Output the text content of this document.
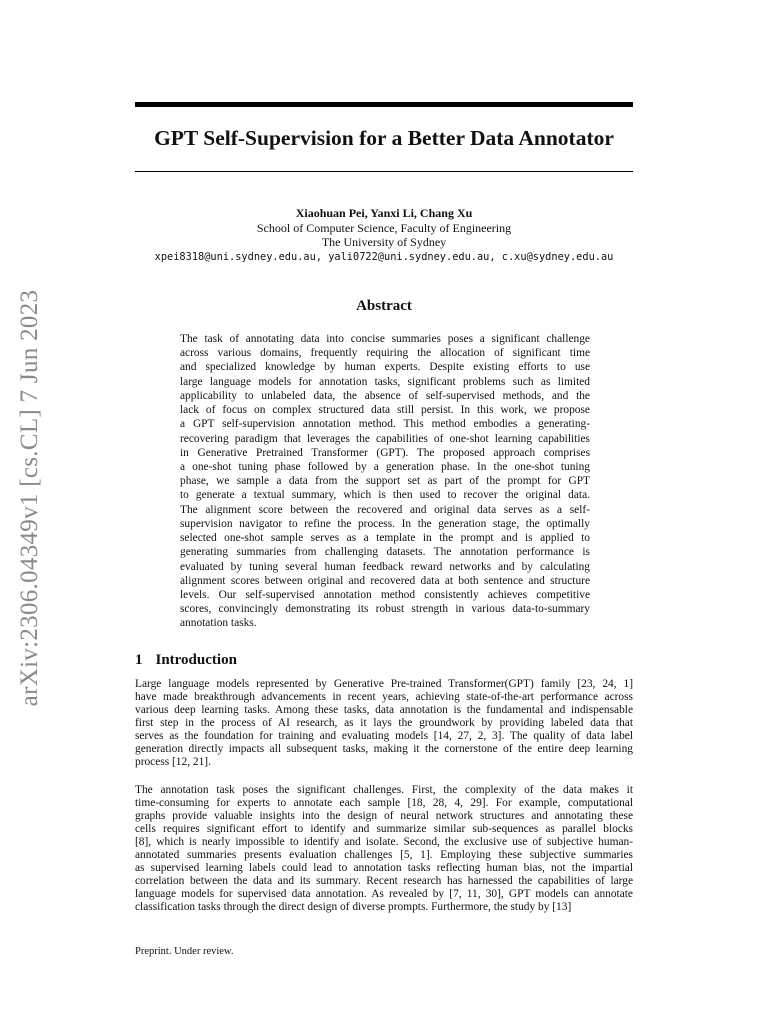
arXiv:2306.04349v1 [cs.CL] 7 Jun 2023
GPT Self-Supervision for a Better Data Annotator
Xiaohuan Pei, Yanxi Li, Chang Xu
School of Computer Science, Faculty of Engineering
The University of Sydney
xpei8318@uni.sydney.edu.au, yali0722@uni.sydney.edu.au, c.xu@sydney.edu.au
Abstract
The task of annotating data into concise summaries poses a significant challenge
across various domains, frequently requiring the allocation of significant time
and specialized knowledge by human experts. Despite existing efforts to use
large language models for annotation tasks, significant problems such as limited
applicability to unlabeled data, the absence of self-supervised methods, and the
lack of focus on complex structured data still persist. In this work, we propose
a GPT self-supervision annotation method. This method embodies a generating-
recovering paradigm that leverages the capabilities of one-shot learning capabilities
in Generative Pretrained Transformer (GPT). The proposed approach comprises
a one-shot tuning phase followed by a generation phase. In the one-shot tuning
phase, we sample a data from the support set as part of the prompt for GPT
to generate a textual summary, which is then used to recover the original data.
The alignment score between the recovered and original data serves as a self-
supervision navigator to refine the process. In the generation stage, the optimally
selected one-shot sample serves as a template in the prompt and is applied to
generating summaries from challenging datasets. The annotation performance is
evaluated by tuning several human feedback reward networks and by calculating
alignment scores between original and recovered data at both sentence and structure
levels. Our self-supervised annotation method consistently achieves competitive
scores, convincingly demonstrating its robust strength in various data-to-summary
annotation tasks.
1 Introduction
Large language models represented by Generative Pre-trained Transformer(GPT) family [23, 24, 1]
have made breakthrough advancements in recent years, achieving state-of-the-art performance across
various deep learning tasks. Among these tasks, data annotation is the fundamental and indispensable
first step in the process of AI research, as it lays the groundwork by providing labeled data that
serves as the foundation for training and evaluating models [14, 27, 2, 3]. The quality of data label
generation directly impacts all subsequent tasks, making it the cornerstone of the entire deep learning
process [12, 21].
The annotation task poses the significant challenges. First, the complexity of the data makes it
time-consuming for experts to annotate each sample [18, 28, 4, 29]. For example, computational
graphs provide valuable insights into the design of neural network structures and annotating these
cells requires significant effort to identify and summarize similar sub-sequences as parallel blocks
[8], which is nearly impossible to identify and isolate. Second, the exclusive use of subjective human-
annotated summaries presents evaluation challenges [5, 1]. Employing these subjective summaries
as supervised learning labels could lead to annotation tasks reflecting human bias, not the impartial
correlation between the data and its summary. Recent research has harnessed the capabilities of large
language models for supervised data annotation. As revealed by [7, 11, 30], GPT models can annotate
classification tasks through the direct design of diverse prompts. Furthermore, the study by [13]
Preprint. Under review.
